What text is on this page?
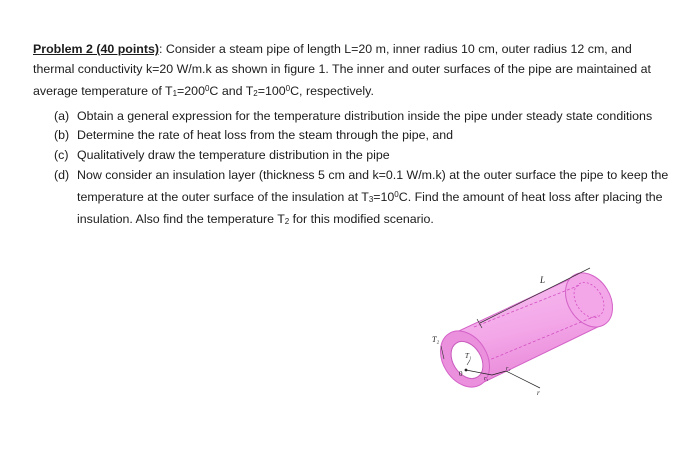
Problem 2 (40 points): Consider a steam pipe of length L=20 m, inner radius 10 cm, outer radius 12 cm, and thermal conductivity k=20 W/m.k as shown in figure 1. The inner and outer surfaces of the pipe are maintained at average temperature of $T_1=200^0C$ and $T_2=100^0C$, respectively.

(a) Obtain a general expression for the temperature distribution inside the pipe under steady state conditions
(b) Determine the rate of heat loss from the steam through the pipe, and
(c) Qualitatively draw the temperature distribution in the pipe
(d) Now consider an insulation layer (thickness 5 cm and k=0.1 W/m.k) at the outer surface the pipe to keep the temperature at the outer surface of the insulation at $T_3=10^0C$. Find the amount of heat loss after placing the insulation. Also find the temperature $T_2$ for this modified scenario.
L
T₂
T₁
0
r₁
r₂
r
